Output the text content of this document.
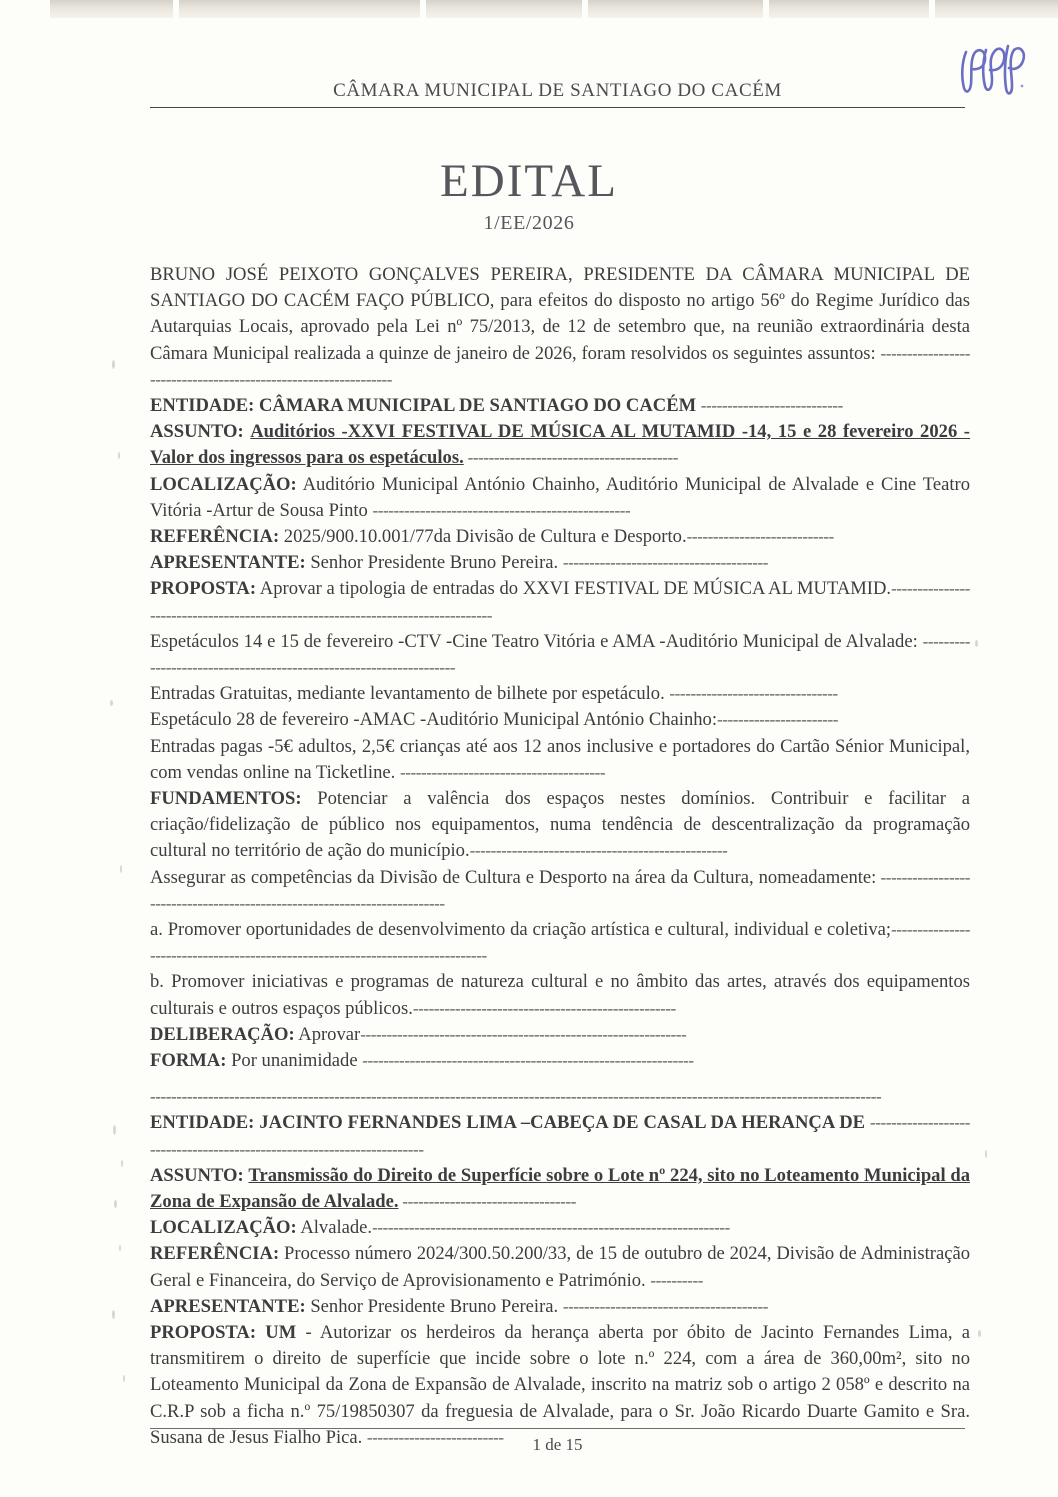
CÂMARA MUNICIPAL DE SANTIAGO DO CACÉM
EDITAL
1/EE/2026

BRUNO JOSÉ PEIXOTO GONÇALVES PEREIRA, PRESIDENTE DA CÂMARA MUNICIPAL DE SANTIAGO DO CACÉM FAÇO PÚBLICO, para efeitos do disposto no artigo 56º do Regime Jurídico das Autarquias Locais, aprovado pela Lei nº 75/2013, de 12 de setembro que, na reunião extraordinária desta Câmara Municipal realizada a quinze de janeiro de 2026, foram resolvidos os seguintes assuntos: ---------------------------------------------------------------

ENTIDADE: CÂMARA MUNICIPAL DE SANTIAGO DO CACÉM ---------------------------

ASSUNTO: Auditórios -XXVI FESTIVAL DE MÚSICA AL MUTAMID -14, 15 e 28 fevereiro 2026 -Valor dos ingressos para os espetáculos. ----------------------------------------

LOCALIZAÇÃO: Auditório Municipal António Chainho, Auditório Municipal de Alvalade e Cine Teatro Vitória -Artur de Sousa Pinto -------------------------------------------------

REFERÊNCIA: 2025/900.10.001/77da Divisão de Cultura e Desporto.----------------------------

APRESENTANTE: Senhor Presidente Bruno Pereira. ---------------------------------------

PROPOSTA: Aprovar a tipologia de entradas do XXVI FESTIVAL DE MÚSICA AL MUTAMID.--------------------------------------------------------------------------------

Espetáculos 14 e 15 de fevereiro -CTV -Cine Teatro Vitória e AMA -Auditório Municipal de Alvalade: -------------------------------------------------------------------

Entradas Gratuitas, mediante levantamento de bilhete por espetáculo. --------------------------------

Espetáculo 28 de fevereiro -AMAC -Auditório Municipal António Chainho:-----------------------

Entradas pagas -5€ adultos, 2,5€ crianças até aos 12 anos inclusive e portadores do Cartão Sénior Municipal, com vendas online na Ticketline. ---------------------------------------

FUNDAMENTOS: Potenciar a valência dos espaços nestes domínios. Contribuir e facilitar a criação/fidelização de público nos equipamentos, numa tendência de descentralização da programação cultural no território de ação do município.-------------------------------------------------

Assegurar as competências da Divisão de Cultura e Desporto na área da Cultura, nomeadamente: -------------------------------------------------------------------------

a. Promover oportunidades de desenvolvimento da criação artística e cultural, individual e coletiva;-------------------------------------------------------------------------------

b. Promover iniciativas e programas de natureza cultural e no âmbito das artes, através dos equipamentos culturais e outros espaços públicos.--------------------------------------------------

DELIBERAÇÃO: Aprovar--------------------------------------------------------------

FORMA: Por unanimidade ---------------------------------------------------------------

-------------------------------------------------------------------------------------------------------------------------------------------

ENTIDADE: JACINTO FERNANDES LIMA –CABEÇA DE CASAL DA HERANÇA DE -----------------------------------------------------------------------

ASSUNTO: Transmissão do Direito de Superfície sobre o Lote nº 224, sito no Loteamento Municipal da Zona de Expansão de Alvalade. ---------------------------------

LOCALIZAÇÃO: Alvalade.--------------------------------------------------------------------

REFERÊNCIA: Processo número 2024/300.50.200/33, de 15 de outubro de 2024, Divisão de Administração Geral e Financeira, do Serviço de Aprovisionamento e Património. ----------

APRESENTANTE: Senhor Presidente Bruno Pereira. ---------------------------------------

PROPOSTA: UM - Autorizar os herdeiros da herança aberta por óbito de Jacinto Fernandes Lima, a transmitirem o direito de superfície que incide sobre o lote n.º 224, com a área de 360,00m², sito no Loteamento Municipal da Zona de Expansão de Alvalade, inscrito na matriz sob o artigo 2 058º e descrito na C.R.P sob a ficha n.º 75/19850307 da freguesia de Alvalade, para o Sr. João Ricardo Duarte Gamito e Sra. Susana de Jesus Fialho Pica. --------------------------	1 de 15
